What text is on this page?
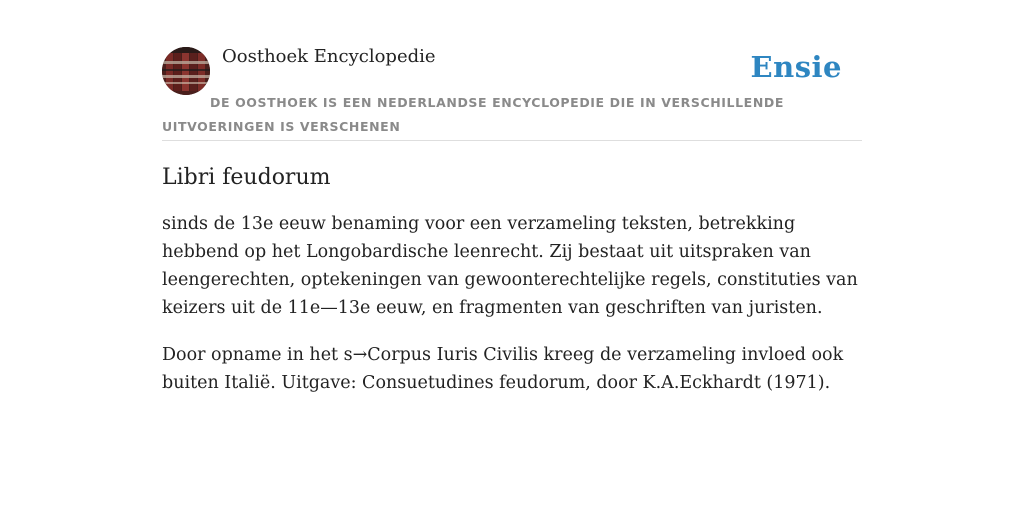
Oosthoek Encyclopedie	Ensie
DE OOSTHOEK IS EEN NEDERLANDSE ENCYCLOPEDIE DIE IN VERSCHILLENDE UITVOERINGEN IS VERSCHENEN
Libri feudorum

sinds de 13e eeuw benaming voor een verzameling teksten, betrekking hebbend op het Longobardische leenrecht. Zij bestaat uit uitspraken van leengerechten, optekeningen van gewoonterechtelijke regels, constituties van keizers uit de 11e—13e eeuw, en fragmenten van geschriften van juristen.

Door opname in het s→Corpus Iuris Civilis kreeg de verzameling invloed ook buiten Italië. Uitgave: Consuetudines feudorum, door K.A.Eckhardt (1971).
